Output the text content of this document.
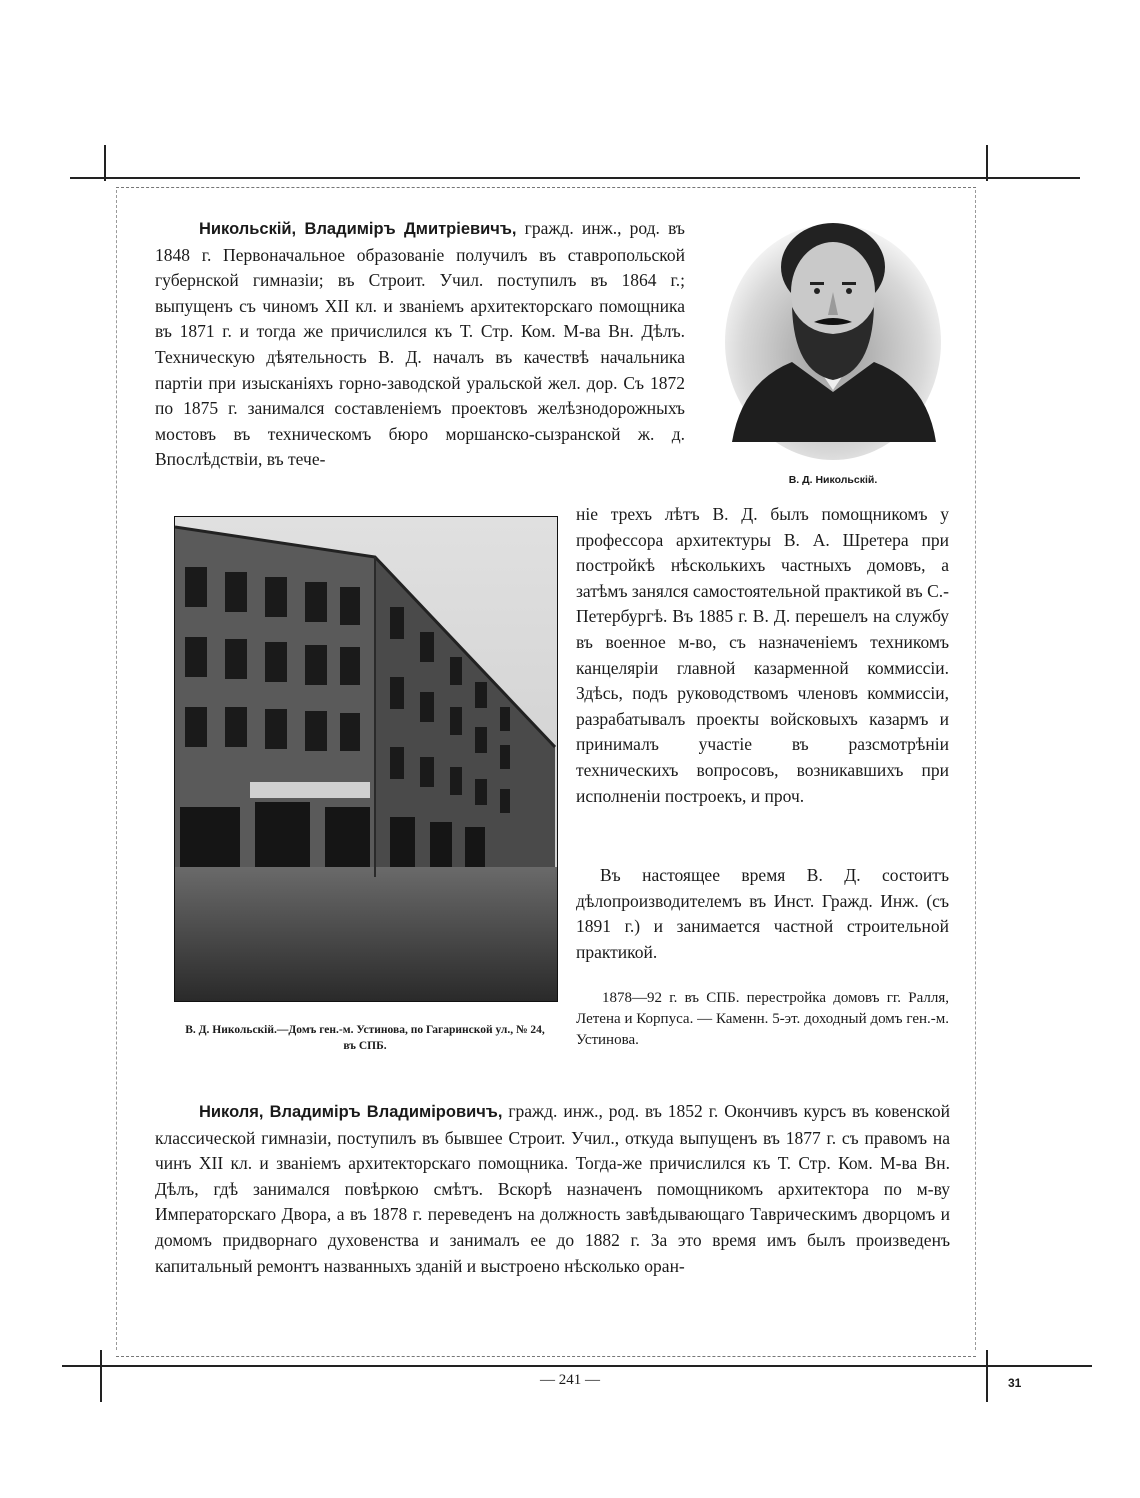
В. Д. Никольскій.
Никольскій, Владиміръ Дмитріевичъ, гражд. инж., род. въ 1848 г. Первоначальное образованіе получилъ въ ставропольской губернской гимназіи; въ Строит. Учил. поступилъ въ 1864 г.; выпущенъ съ чиномъ XII кл. и званіемъ архитекторскаго помощника въ 1871 г. и тогда же причислился къ Т. Стр. Ком. М-ва Вн. Дѣлъ. Техническую дѣятельность В. Д. началъ въ качествѣ начальника партіи при изысканіяхъ горно-заводской уральской жел. дор. Съ 1872 по 1875 г. занимался составленіемъ проектовъ желѣзнодорожныхъ мостовъ въ техническомъ бюро моршанско-сызранской ж. д. Впослѣдствіи, въ тече-
В. Д. Никольскій.—Домъ ген.-м. Устинова, по Гагаринской ул., № 24, въ СПБ.
ніе трехъ лѣтъ В. Д. былъ помощникомъ у профессора архитектуры В. А. Шретера при постройкѣ нѣсколькихъ частныхъ домовъ, а затѣмъ занялся самостоятельной практикой въ С.-Петербургѣ. Въ 1885 г. В. Д. перешелъ на службу въ военное м-во, съ назначеніемъ техникомъ канцеляріи главной казарменной коммиссіи. Здѣсь, подъ руководствомъ членовъ коммиссіи, разрабатывалъ проекты войсковыхъ казармъ и принималъ участіе въ разсмотрѣніи техническихъ вопросовъ, возникавшихъ при исполненіи построекъ, и проч.
Въ настоящее время В. Д. состоитъ дѣлопроизводителемъ въ Инст. Гражд. Инж. (съ 1891 г.) и занимается частной строительной практикой.
1878—92 г. въ СПБ. перестройка домовъ гг. Ралля, Летена и Корпуса. — Каменн. 5-эт. доходный домъ ген.-м. Устинова.
Николя, Владиміръ Владиміровичъ, гражд. инж., род. въ 1852 г. Окончивъ курсъ въ ковенской классической гимназіи, поступилъ въ бывшее Строит. Учил., откуда выпущенъ въ 1877 г. съ правомъ на чинъ XII кл. и званіемъ архитекторскаго помощника. Тогда-же причислился къ Т. Стр. Ком. М-ва Вн. Дѣлъ, гдѣ занимался повѣркою смѣтъ. Вскорѣ назначенъ помощникомъ архитектора по м-ву Императорскаго Двора, а въ 1878 г. переведенъ на должность завѣдывающаго Таврическимъ дворцомъ и домомъ придворнаго духовенства и занималъ ее до 1882 г. За это время имъ былъ произведенъ капитальный ремонтъ названныхъ зданій и выстроено нѣсколько оран-
— 241 —	31
